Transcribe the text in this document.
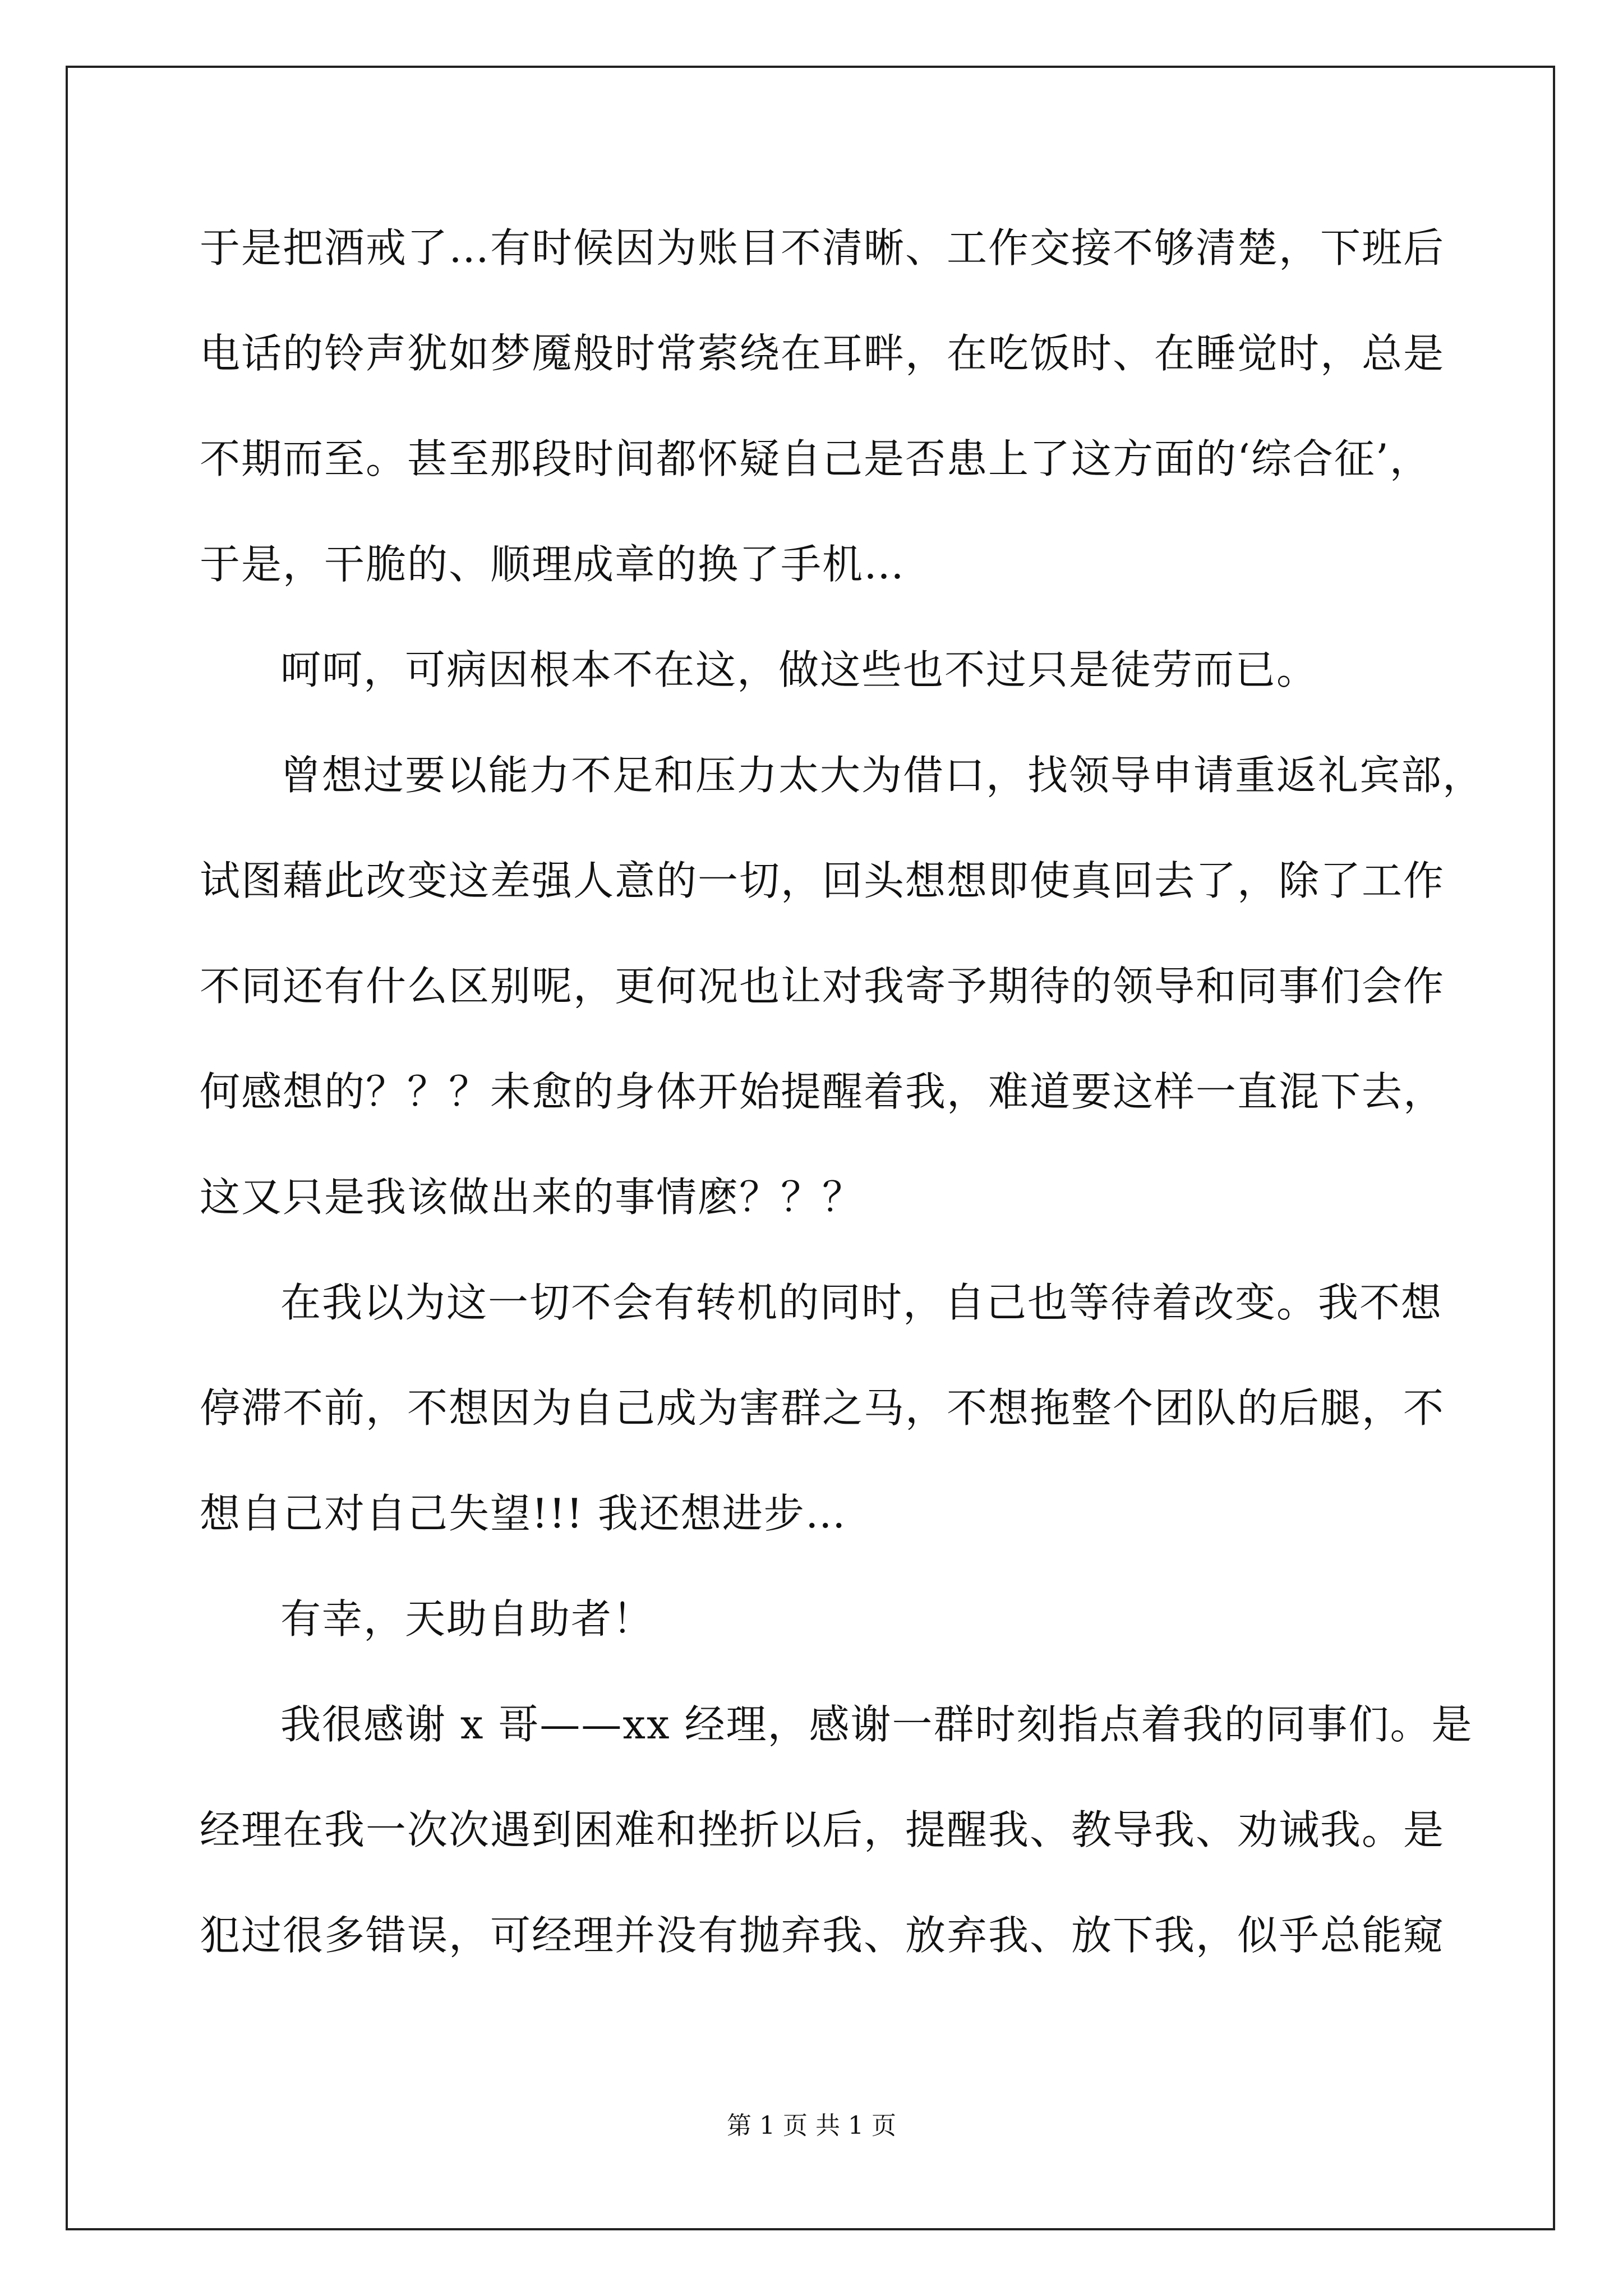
于是把酒戒了…有时候因为账目不清晰、工作交接不够清楚，下班后
电话的铃声犹如梦魇般时常萦绕在耳畔，在吃饭时、在睡觉时，总是
不期而至。甚至那段时间都怀疑自己是否患上了这方面的‘综合征’，
于是，干脆的、顺理成章的换了手机…
呵呵，可病因根本不在这，做这些也不过只是徒劳而已。
曾想过要以能力不足和压力太大为借口，找领导申请重返礼宾部，
试图藉此改变这差强人意的一切，回头想想即使真回去了，除了工作
不同还有什么区别呢，更何况也让对我寄予期待的领导和同事们会作
何感想的？？？未愈的身体开始提醒着我，难道要这样一直混下去，
这又只是我该做出来的事情麽？？？
在我以为这一切不会有转机的同时，自己也等待着改变。我不想
停滞不前，不想因为自己成为害群之马，不想拖整个团队的后腿，不
想自己对自己失望!!! 我还想进步…
有幸，天助自助者！
我很感谢 x 哥——xx 经理，感谢一群时刻指点着我的同事们。是
经理在我一次次遇到困难和挫折以后，提醒我、教导我、劝诫我。是
犯过很多错误，可经理并没有抛弃我、放弃我、放下我，似乎总能窥
第 1 页 共 1 页
